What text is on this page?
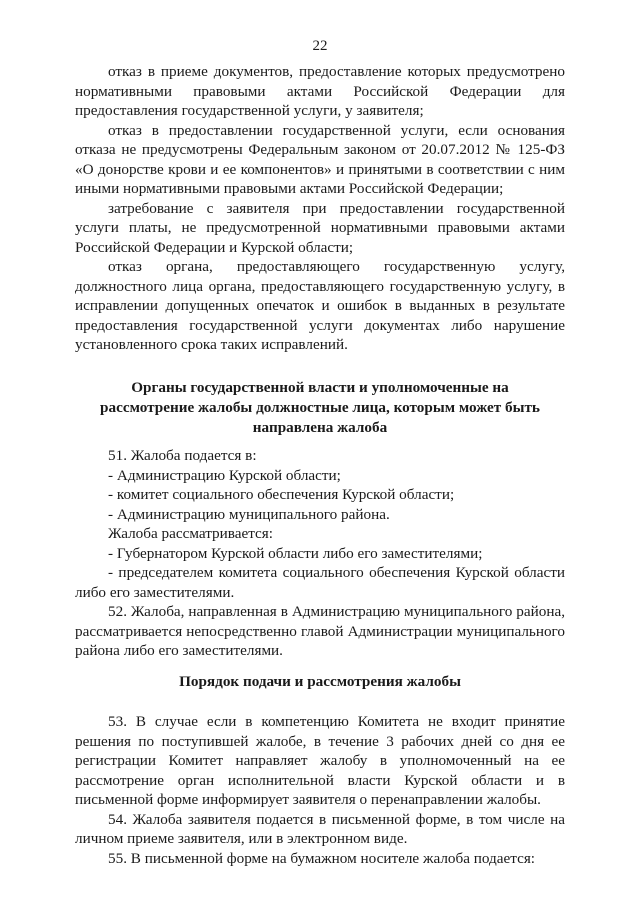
22

отказ в приеме документов, предоставление которых предусмотрено нормативными правовыми актами Российской Федерации для предоставления государственной услуги, у заявителя;

отказ в предоставлении государственной услуги, если основания отказа не предусмотрены Федеральным законом от 20.07.2012 № 125-ФЗ «О донорстве крови и ее компонентов» и принятыми в соответствии с ним иными нормативными правовыми актами Российской Федерации;

затребование с заявителя при предоставлении государственной услуги платы, не предусмотренной нормативными правовыми актами Российской Федерации и Курской области;

отказ органа, предоставляющего государственную услугу, должностного лица органа, предоставляющего государственную услугу, в исправлении допущенных опечаток и ошибок в выданных в результате предоставления государственной услуги документах либо нарушение установленного срока таких исправлений.

Органы государственной власти и уполномоченные на
рассмотрение жалобы должностные лица, которым может быть
направлена жалоба

51. Жалоба подается в:

- Администрацию Курской области;

- комитет социального обеспечения Курской области;

- Администрацию муниципального района.

Жалоба рассматривается:

- Губернатором Курской области либо его заместителями;

- председателем комитета социального обеспечения Курской области либо его заместителями.

52. Жалоба, направленная в Администрацию муниципального района, рассматривается непосредственно главой Администрации муниципального района либо его заместителями.

Порядок подачи и рассмотрения жалобы

53. В случае если в компетенцию Комитета не входит принятие решения по поступившей жалобе, в течение 3 рабочих дней со дня ее регистрации Комитет направляет жалобу в уполномоченный на ее рассмотрение орган исполнительной власти Курской области и в письменной форме информирует заявителя о перенаправлении жалобы.

54. Жалоба заявителя подается в письменной форме, в том числе на личном приеме заявителя, или в электронном виде.

55. В письменной форме на бумажном носителе жалоба подается:
